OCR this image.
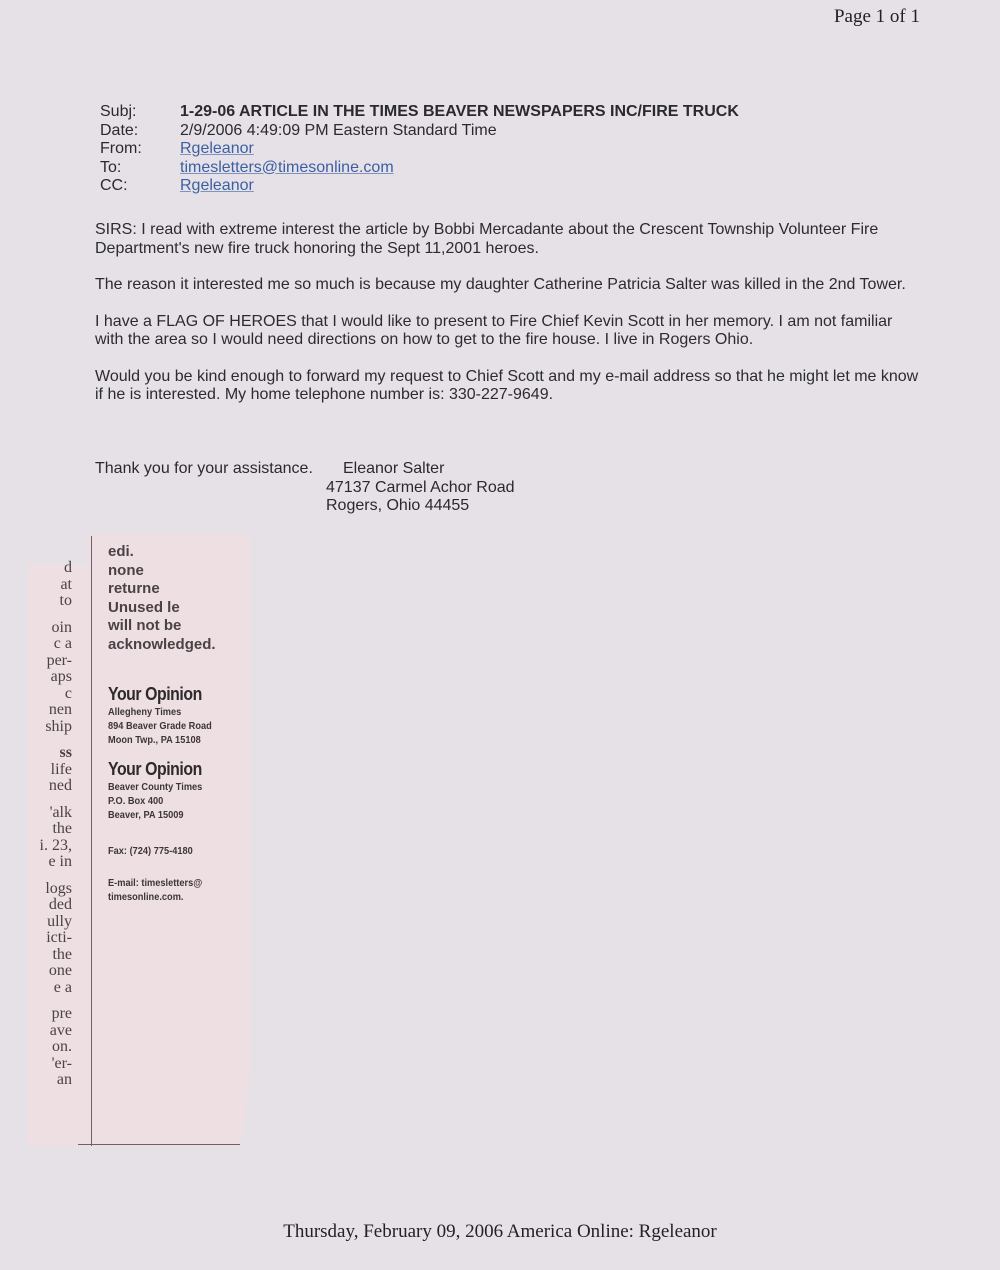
Page 1 of 1
Subj:	1-29-06 ARTICLE IN THE TIMES BEAVER NEWSPAPERS INC/FIRE TRUCK
Date:	2/9/2006 4:49:09 PM Eastern Standard Time
From:	Rgeleanor
To:	timesletters@timesonline.com
CC:	Rgeleanor

SIRS: I read with extreme interest the article by Bobbi Mercadante about the Crescent Township Volunteer Fire Department's new fire truck honoring the Sept 11,2001 heroes.

The reason it interested me so much is because my daughter Catherine Patricia Salter was killed in the 2nd Tower.

I have a FLAG OF HEROES that I would like to present to Fire Chief Kevin Scott in her memory. I am not familiar with the area so I would need directions on how to get to the fire house. I live in Rogers Ohio.

Would you be kind enough to forward my request to Chief Scott and my e-mail address so that he might let me know if he is interested. My home telephone number is: 330-227-9649.

Thank you for your assistance. Eleanor Salter
47137 Carmel Achor Road
Rogers, Ohio 44455
d
at
to
oin
c a
per-
aps
c
nen
ship
ss
life
ned
'alk
the
i. 23,
e in
logs
ded
ully
icti-
the
one
e a
pre
ave
on.
'er-
an
edi.
none
returne
Unused le
will not be
acknowledged.
Your Opinion
Allegheny Times
894 Beaver Grade Road
Moon Twp., PA 15108
Your Opinion
Beaver County Times
P.O. Box 400
Beaver, PA 15009
Fax: (724) 775-4180
E-mail: timesletters@
timesonline.com.
Thursday, February 09, 2006 America Online: Rgeleanor
